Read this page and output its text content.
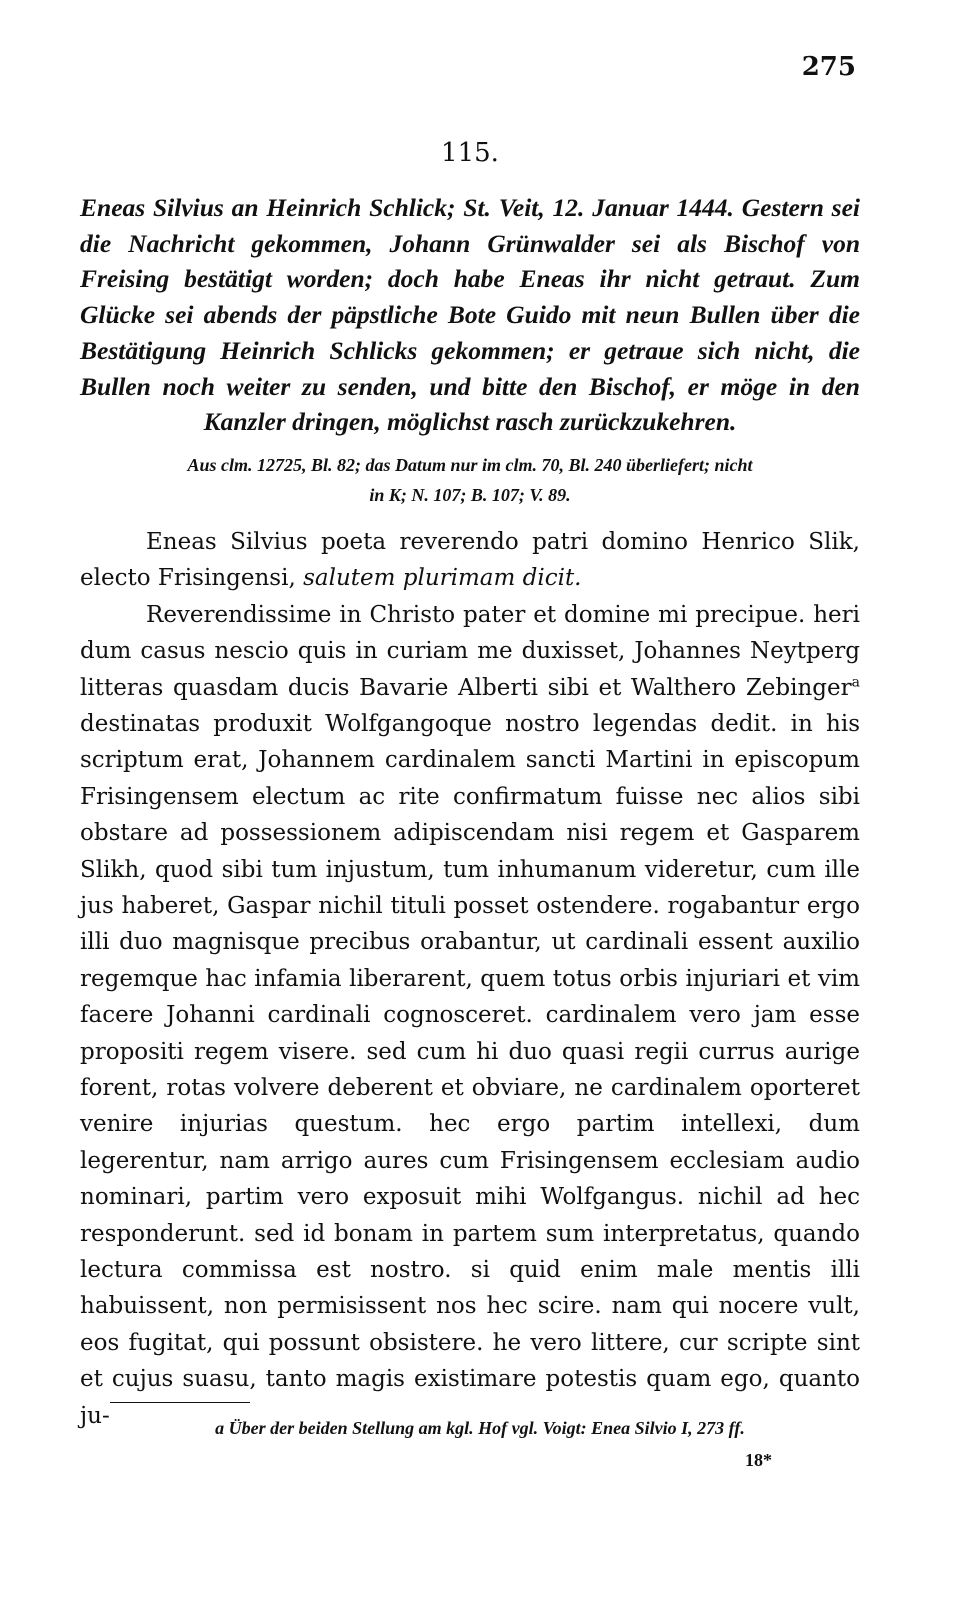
275

115.

Eneas Silvius an Heinrich Schlick; St. Veit, 12. Januar 1444. Gestern sei die Nachricht gekommen, Johann Grünwalder sei als Bischof von Freising bestätigt worden; doch habe Eneas ihr nicht getraut. Zum Glücke sei abends der päpstliche Bote Guido mit neun Bullen über die Bestätigung Heinrich Schlicks gekommen; er getraue sich nicht, die Bullen noch weiter zu senden, und bitte den Bischof, er möge in den Kanzler dringen, möglichst rasch zurückzukehren.

Aus clm. 12725, Bl. 82; das Datum nur im clm. 70, Bl. 240 überliefert; nicht
in K; N. 107; B. 107; V. 89.

Eneas Silvius poeta reverendo patri domino Henrico Slik, electo Frisingensi, salutem plurimam dicit.

Reverendissime in Christo pater et domine mi precipue. heri dum casus nescio quis in curiam me duxisset, Johannes Neytperg litteras quasdam ducis Bavarie Alberti sibi et Walthero Zebinger$^a$ destinatas produxit Wolfgangoque nostro legendas dedit. in his scriptum erat, Johannem cardinalem sancti Martini in episcopum Frisingensem electum ac rite confirmatum fuisse nec alios sibi obstare ad possessionem adipiscendam nisi regem et Gasparem Slikh, quod sibi tum injustum, tum inhumanum videretur, cum ille jus haberet, Gaspar nichil tituli posset ostendere. rogabantur ergo illi duo magnisque precibus orabantur, ut cardinali essent auxilio regemque hac infamia liberarent, quem totus orbis injuriari et vim facere Johanni cardinali cognosceret. cardinalem vero jam esse propositi regem visere. sed cum hi duo quasi regii currus aurige forent, rotas volvere deberent et obviare, ne cardinalem oporteret venire injurias questum. hec ergo partim intellexi, dum legerentur, nam arrigo aures cum Frisingensem ecclesiam audio nominari, partim vero exposuit mihi Wolfgangus. nichil ad hec responderunt. sed id bonam in partem sum interpretatus, quando lectura commissa est nostro. si quid enim male mentis illi habuissent, non permisissent nos hec scire. nam qui nocere vult, eos fugitat, qui possunt obsistere. he vero littere, cur scripte sint et cujus suasu, tanto magis existimare potestis quam ego, quanto ju-	a Über der beiden Stellung am kgl. Hof vgl. Voigt: Enea Silvio I, 273 ff.

18*
